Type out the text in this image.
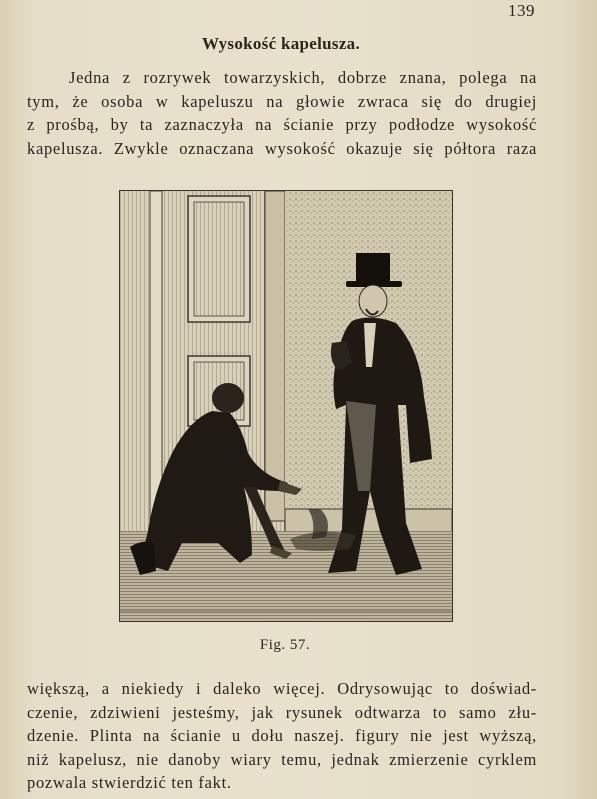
139
Wysokość kapelusza.
Jedna z rozrywek towarzyskich, dobrze znana, polega na
tym, że osoba w kapeluszu na głowie zwraca się do drugiej
z prośbą, by ta zaznaczyła na ścianie przy podłodze wysokość
kapelusza. Zwykle oznaczana wysokość okazuje się półtora raza
Fig. 57.
większą, a niekiedy i daleko więcej. Odrysowując to doświad-
czenie, zdziwieni jesteśmy, jak rysunek odtwarza to samo złu-
dzenie. Plinta na ścianie u dołu naszej. figury nie jest wyższą,
niż kapelusz, nie danoby wiary temu, jednak zmierzenie cyrklem
pozwala stwierdzić ten fakt.
